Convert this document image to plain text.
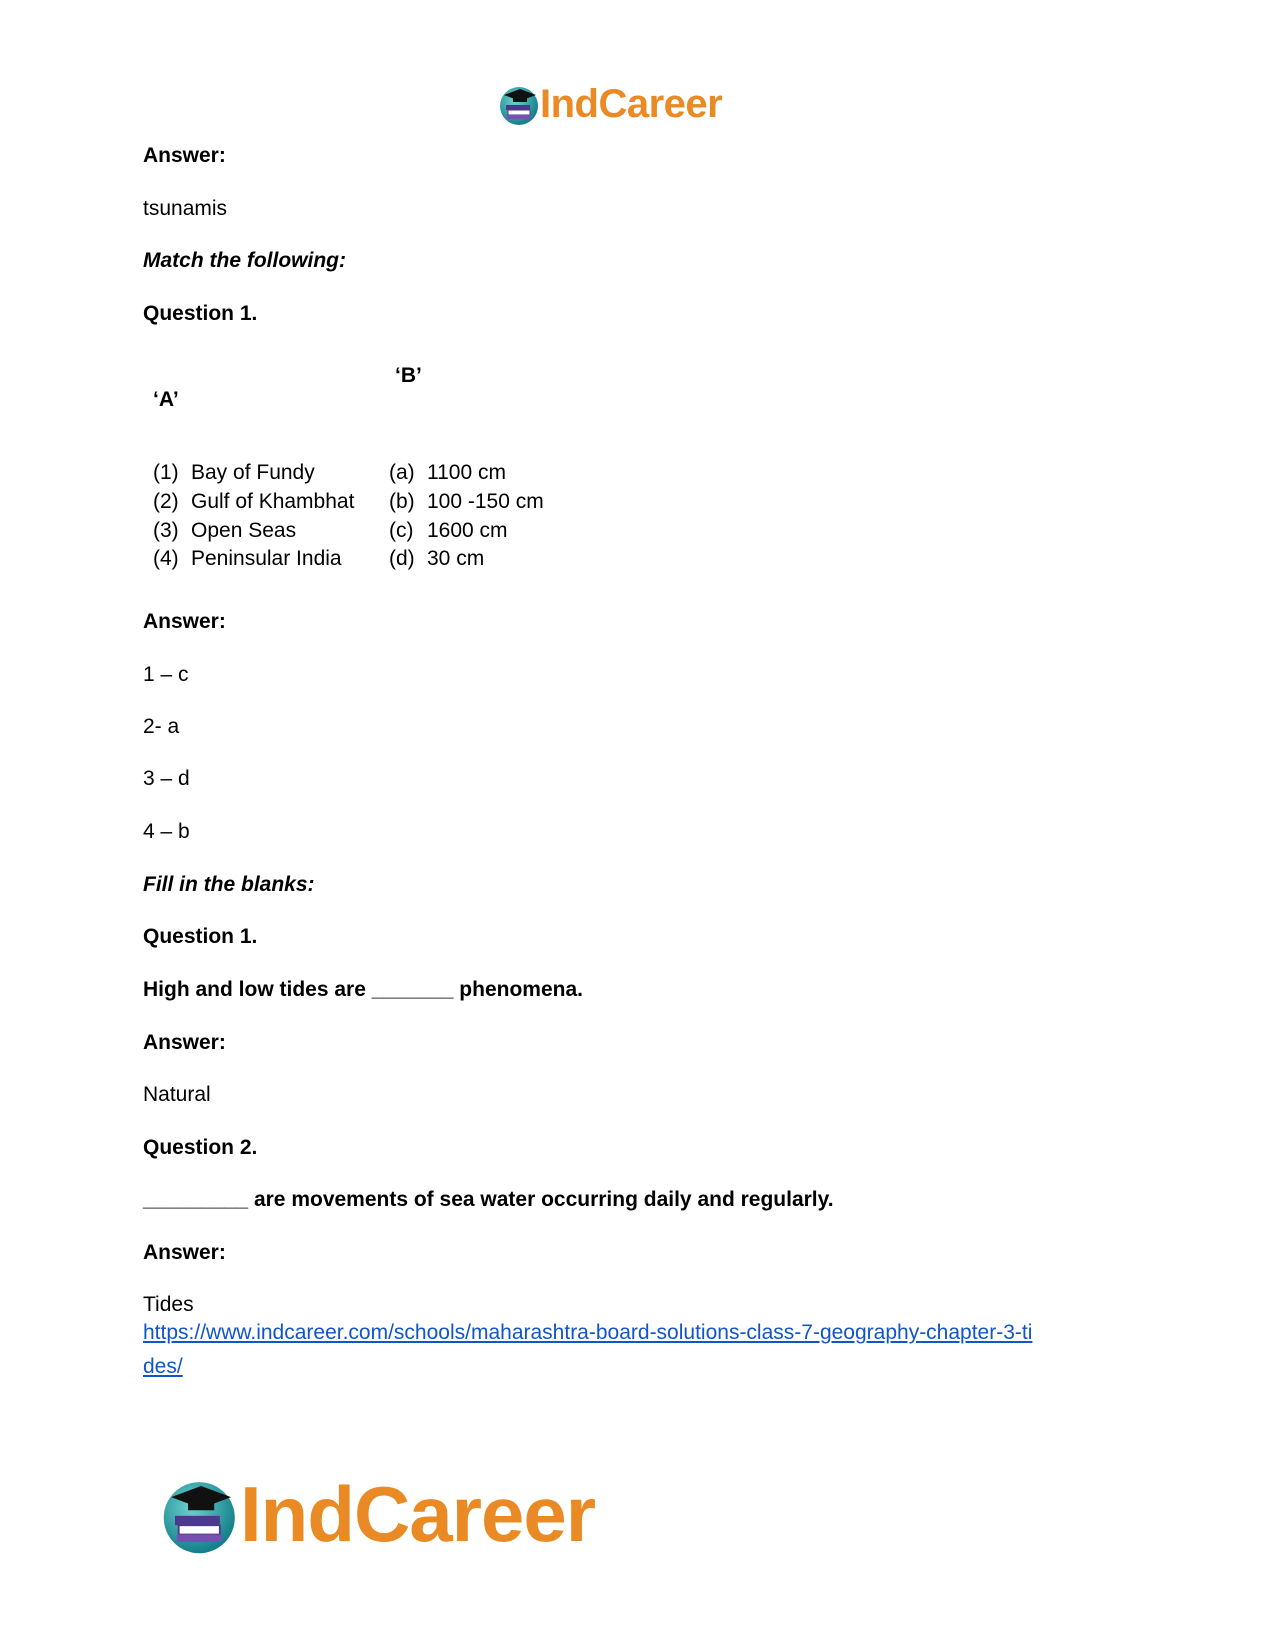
IndCareer
Answer:
tsunamis
Match the following:
Question 1.
‘B’
‘A’
(1) Bay of Fundy
(2) Gulf of Khambhat
(3) Open Seas
(4) Peninsular India
(a) 1100 cm
(b) 100 -150 cm
(c) 1600 cm
(d) 30 cm
Answer:
1 – c
2- a
3 – d
4 – b
Fill in the blanks:
Question 1.
High and low tides are _______ phenomena.
Answer:
Natural
Question 2.
_________ are movements of sea water occurring daily and regularly.
Answer:
Tides
https://www.indcareer.com/schools/maharashtra-board-solutions-class-7-geography-chapter-3-ti
des/
IndCareer
